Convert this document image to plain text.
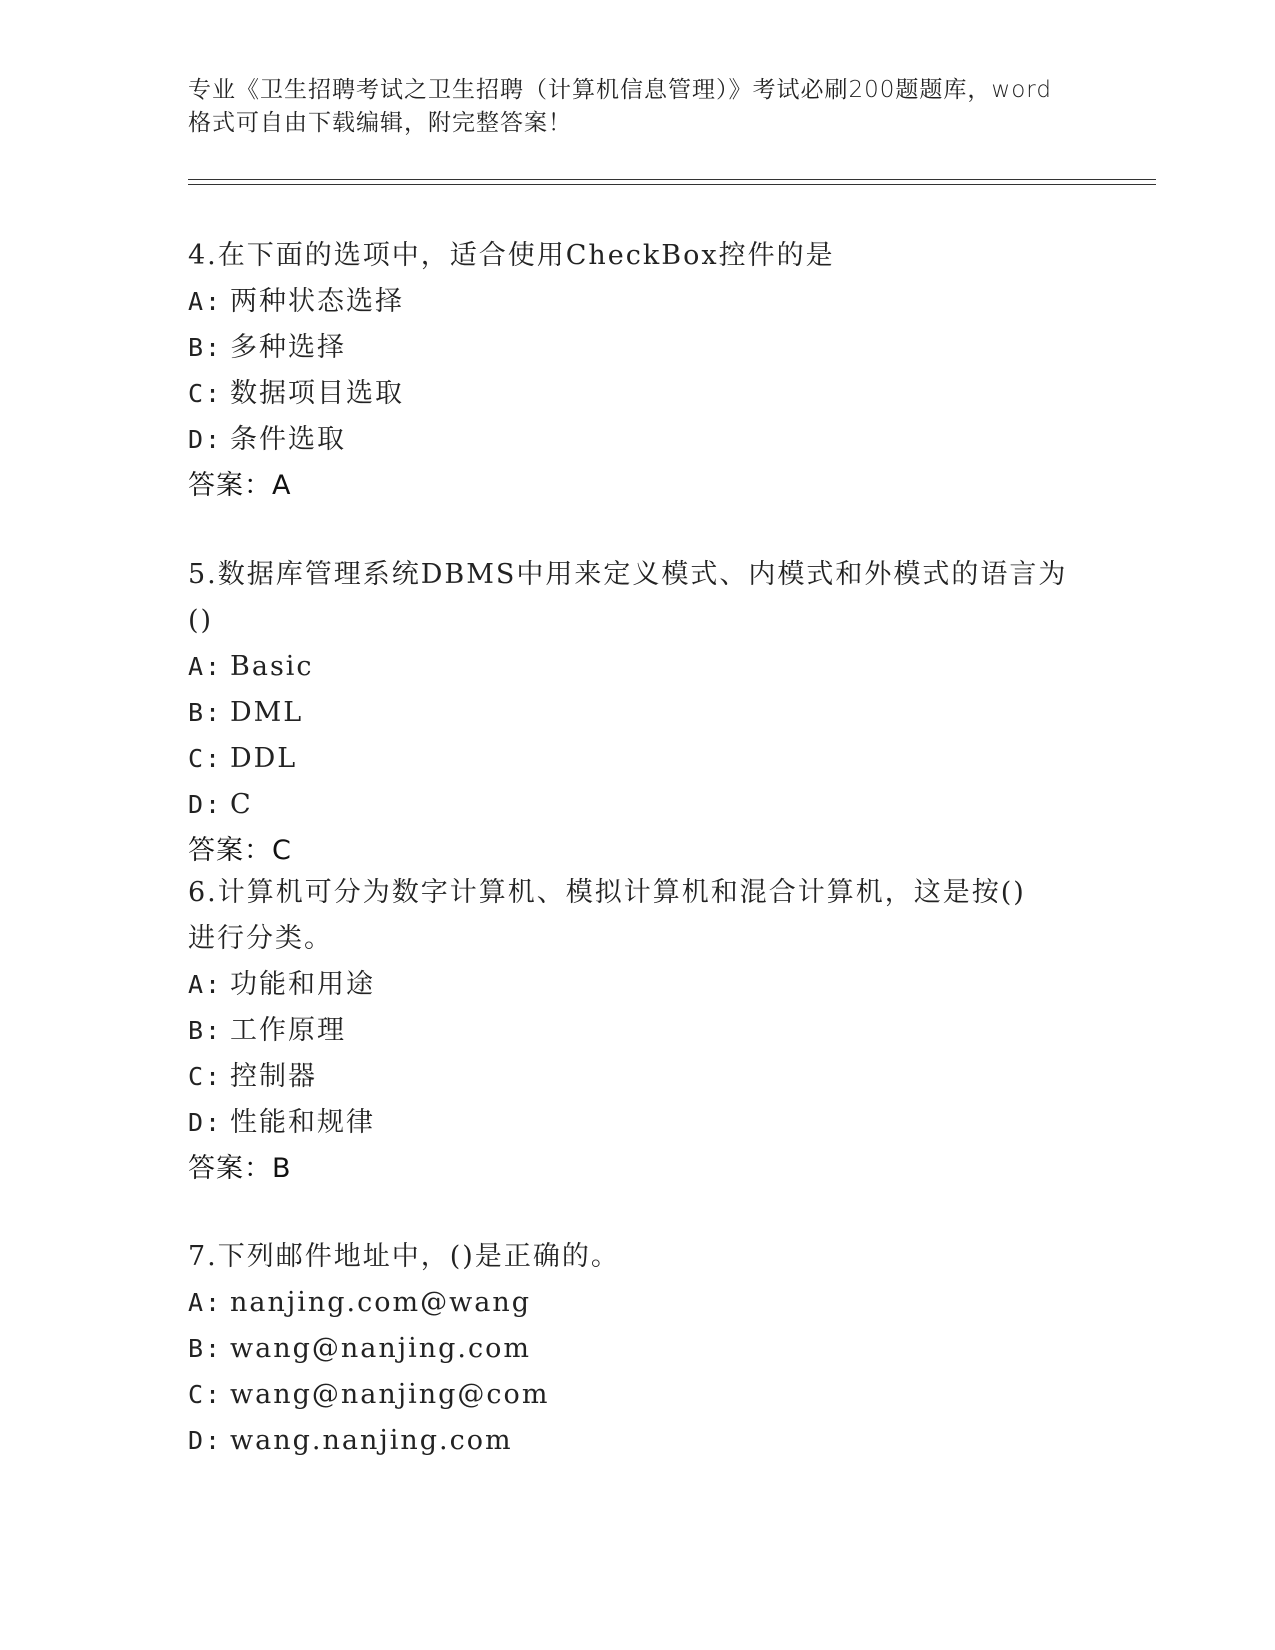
专业《卫生招聘考试之卫生招聘（计算机信息管理）》考试必刷200题题库，word
格式可自由下载编辑，附完整答案！

4.在下面的选项中，适合使用CheckBox控件的是

A: 两种状态选择

B: 多种选择

C: 数据项目选取

D: 条件选取

答案：A

5.数据库管理系统DBMS中用来定义模式、内模式和外模式的语言为()

A: Basic

B: DML

C: DDL

D: C

答案：C

6.计算机可分为数字计算机、模拟计算机和混合计算机，这是按()进行分类。

A: 功能和用途

B: 工作原理

C: 控制器

D: 性能和规律

答案：B

7.下列邮件地址中，()是正确的。

A: nanjing.com@wang

B: wang@nanjing.com

C: wang@nanjing@com

D: wang.nanjing.com
